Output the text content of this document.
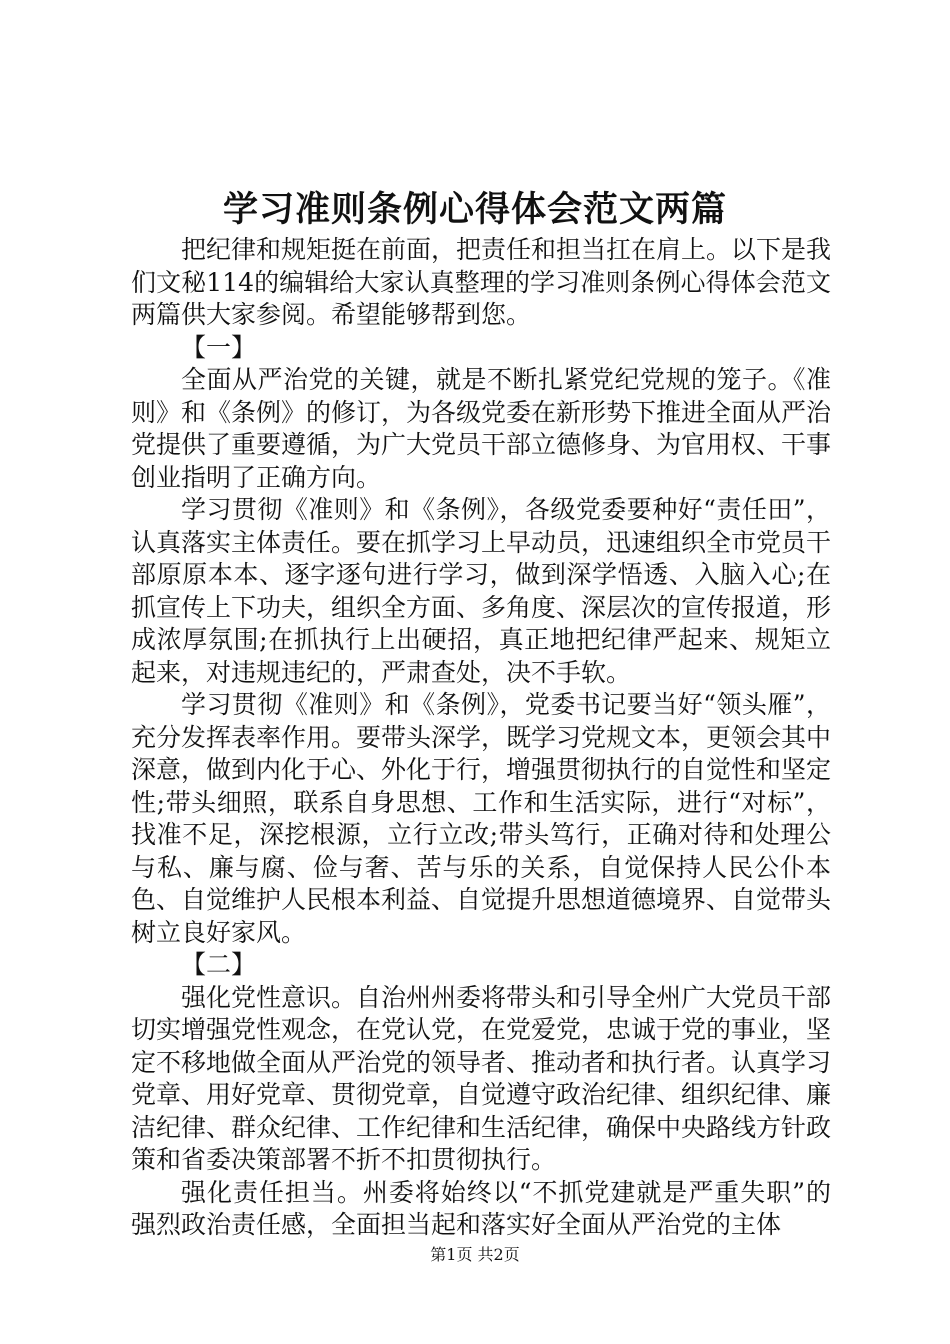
学习准则条例心得体会范文两篇

把纪律和规矩挺在前面，把责任和担当扛在肩上。以下是我们文秘114的编辑给大家认真整理的学习准则条例心得体会范文两篇供大家参阅。希望能够帮到您。

【一】

全面从严治党的关键，就是不断扎紧党纪党规的笼子。《准则》和《条例》的修订，为各级党委在新形势下推进全面从严治党提供了重要遵循，为广大党员干部立德修身、为官用权、干事创业指明了正确方向。

学习贯彻《准则》和《条例》，各级党委要种好“责任田”，认真落实主体责任。要在抓学习上早动员，迅速组织全市党员干部原原本本、逐字逐句进行学习，做到深学悟透、入脑入心;在抓宣传上下功夫，组织全方面、多角度、深层次的宣传报道，形成浓厚氛围;在抓执行上出硬招，真正地把纪律严起来、规矩立起来，对违规违纪的，严肃查处，决不手软。

学习贯彻《准则》和《条例》，党委书记要当好“领头雁”，充分发挥表率作用。要带头深学，既学习党规文本，更领会其中深意，做到内化于心、外化于行，增强贯彻执行的自觉性和坚定性;带头细照，联系自身思想、工作和生活实际，进行“对标”，找准不足，深挖根源，立行立改;带头笃行，正确对待和处理公与私、廉与腐、俭与奢、苦与乐的关系，自觉保持人民公仆本色、自觉维护人民根本利益、自觉提升思想道德境界、自觉带头树立良好家风。

【二】

强化党性意识。自治州州委将带头和引导全州广大党员干部切实增强党性观念，在党认党，在党爱党，忠诚于党的事业，坚定不移地做全面从严治党的领导者、推动者和执行者。认真学习党章、用好党章、贯彻党章，自觉遵守政治纪律、组织纪律、廉洁纪律、群众纪律、工作纪律和生活纪律，确保中央路线方针政策和省委决策部署不折不扣贯彻执行。

强化责任担当。州委将始终以“不抓党建就是严重失职”的强烈政治责任感，全面担当起和落实好全面从严治党的主体

第1页 共2页
